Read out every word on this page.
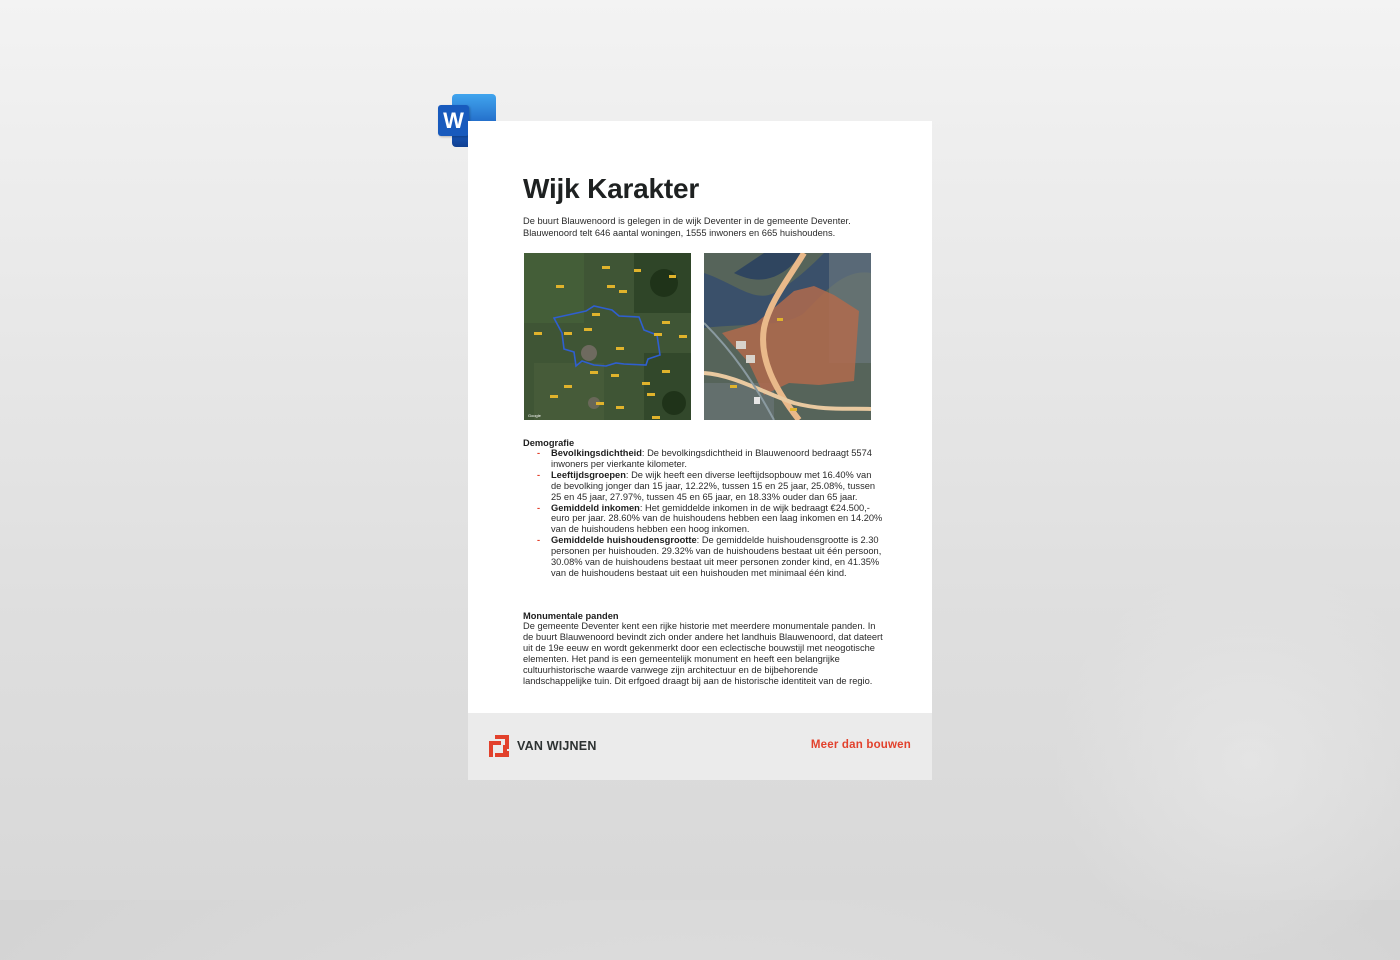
W
Wijk Karakter
De buurt Blauwenoord is gelegen in de wijk Deventer in de gemeente Deventer. Blauwenoord telt 646 aantal woningen, 1555 inwoners en 665 huishoudens.
Google
Demografie
- Bevolkingsdichtheid: De bevolkingsdichtheid in Blauwenoord bedraagt 5574 inwoners per vierkante kilometer.
- Leeftijdsgroepen: De wijk heeft een diverse leeftijdsopbouw met 16.40% van de bevolking jonger dan 15 jaar, 12.22%, tussen 15 en 25 jaar, 25.08%, tussen 25 en 45 jaar, 27.97%, tussen 45 en 65 jaar, en 18.33% ouder dan 65 jaar.
- Gemiddeld inkomen: Het gemiddelde inkomen in de wijk bedraagt €24.500,- euro per jaar. 28.60% van de huishoudens hebben een laag inkomen en 14.20% van de huishoudens hebben een hoog inkomen.
- Gemiddelde huishoudensgrootte: De gemiddelde huishoudensgrootte is 2.30 personen per huishouden. 29.32% van de huishoudens bestaat uit één persoon, 30.08% van de huishoudens bestaat uit meer personen zonder kind, en 41.35% van de huishoudens bestaat uit een huishouden met minimaal één kind.
Monumentale panden

De gemeente Deventer kent een rijke historie met meerdere monumentale panden. In de buurt Blauwenoord bevindt zich onder andere het landhuis Blauwenoord, dat dateert uit de 19e eeuw en wordt gekenmerkt door een eclectische bouwstijl met neogotische elementen. Het pand is een gemeentelijk monument en heeft een belangrijke cultuurhistorische waarde vanwege zijn architectuur en de bijbehorende landschappelijke tuin. Dit erfgoed draagt bij aan de historische identiteit van de regio.

VAN WIJNEN	Meer dan bouwen
